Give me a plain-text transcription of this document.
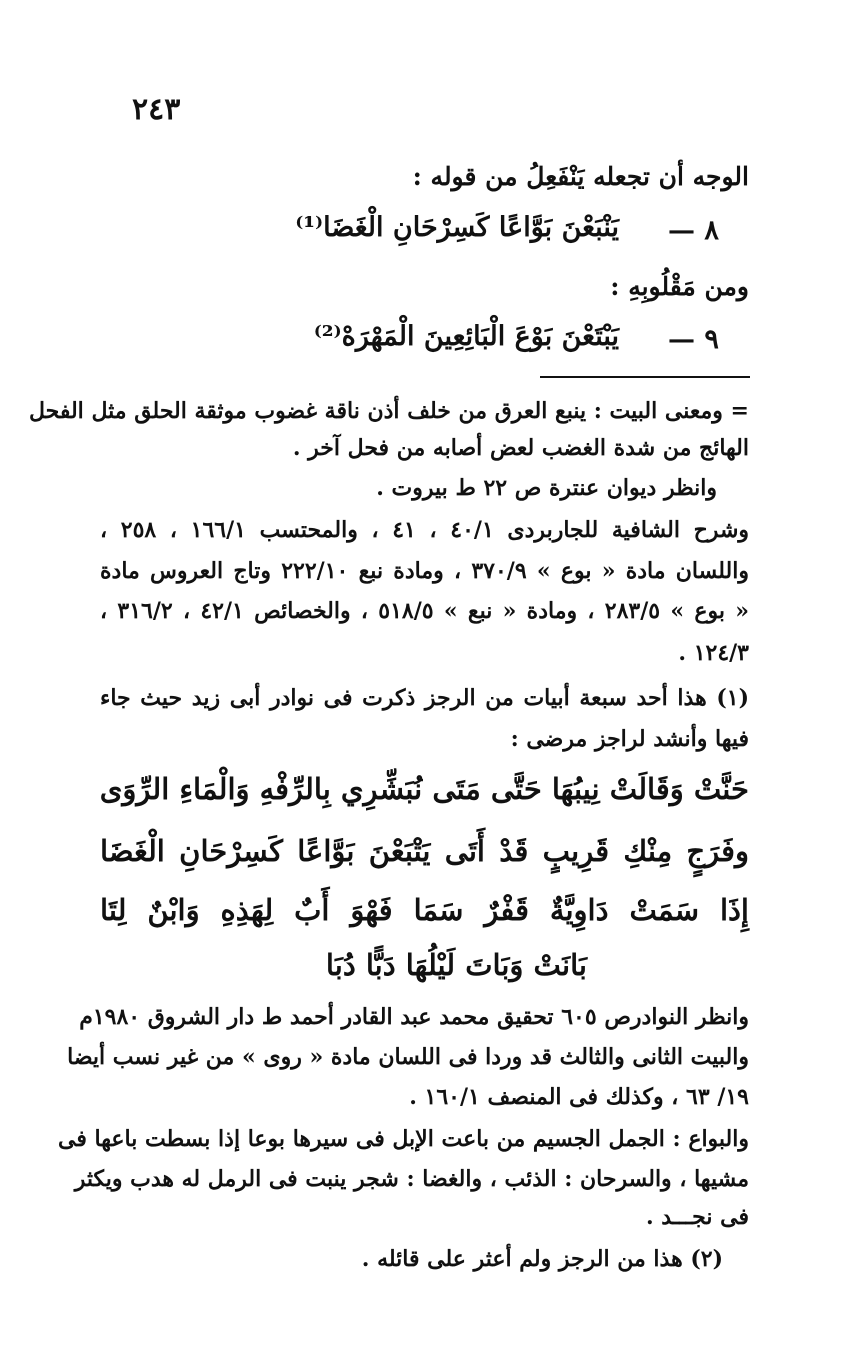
٢٤٣
الوجه أن تجعله يَنْفَعِلُ من قوله :
٨ —
يَنْبَعْنَ بَوَّاعًا كَسِرْحَانِ الْغَضَا⁽¹⁾
ومن مَقْلُوبِهِ :
٩ —
يَبْتَعْنَ بَوْعَ الْبَائِعِينَ الْمَهْرَهْ⁽²⁾
= ومعنى البيت : ينبع العرق من خلف أذن ناقة غضوب موثقة الحلق مثل الفحل
الهائج من شدة الغضب لعض أصابه من فحل آخر .
وانظر ديوان عنترة ص ٢٢ ط بيروت .
وشرح الشافية للجاربردى ٤٠/١ ، ٤١ ، والمحتسب ١٦٦/١ ، ٢٥٨ ،
واللسان مادة « بوع » ٣٧٠/٩ ، ومادة نبع ٢٢٢/١٠ وتاج العروس مادة
« بوع » ٢٨٣/٥ ، ومادة « نبع » ٥١٨/٥ ، والخصائص ٤٢/١ ، ٣١٦/٢ ،
١٢٤/٣ .
(١) هذا أحد سبعة أبيات من الرجز ذكرت فى نوادر أبى زيد حيث جاء
فيها وأنشد لراجز مرضى :
حَنَّتْ وَقَالَتْ نِيبُهَا حَتَّى مَتَى نُبَشِّرِي بِالرِّفْهِ وَالْمَاءِ الرِّوَى
وفَرَجٍ مِنْكِ قَرِيبٍ قَدْ أَتَى يَتْبَعْنَ بَوَّاعًا كَسِرْحَانِ الْغَضَا
إِذَا سَمَتْ دَاوِيَّةٌ قَفْرٌ سَمَا فَهْوَ أَبٌ لِهَذِهِ وَابْنٌ لِتَا
بَانَتْ وَبَاتَ لَيْلُهَا دَبًّا دُبَا
وانظر النوادرص ٦٠٥ تحقيق محمد عبد القادر أحمد ط دار الشروق ١٩٨٠م
والبيت الثانى والثالث قد وردا فى اللسان مادة « روى » من غير نسب أيضا
١٩/ ٦٣ ، وكذلك فى المنصف ١٦٠/١ .
والبواع : الجمل الجسيم من باعت الإبل فى سيرها بوعا إذا بسطت باعها فى
مشيها ، والسرحان : الذئب ، والغضا : شجر ينبت فى الرمل له هدب ويكثر
فى نجـــد .
(٢) هذا من الرجز ولم أعثر على قائله .
